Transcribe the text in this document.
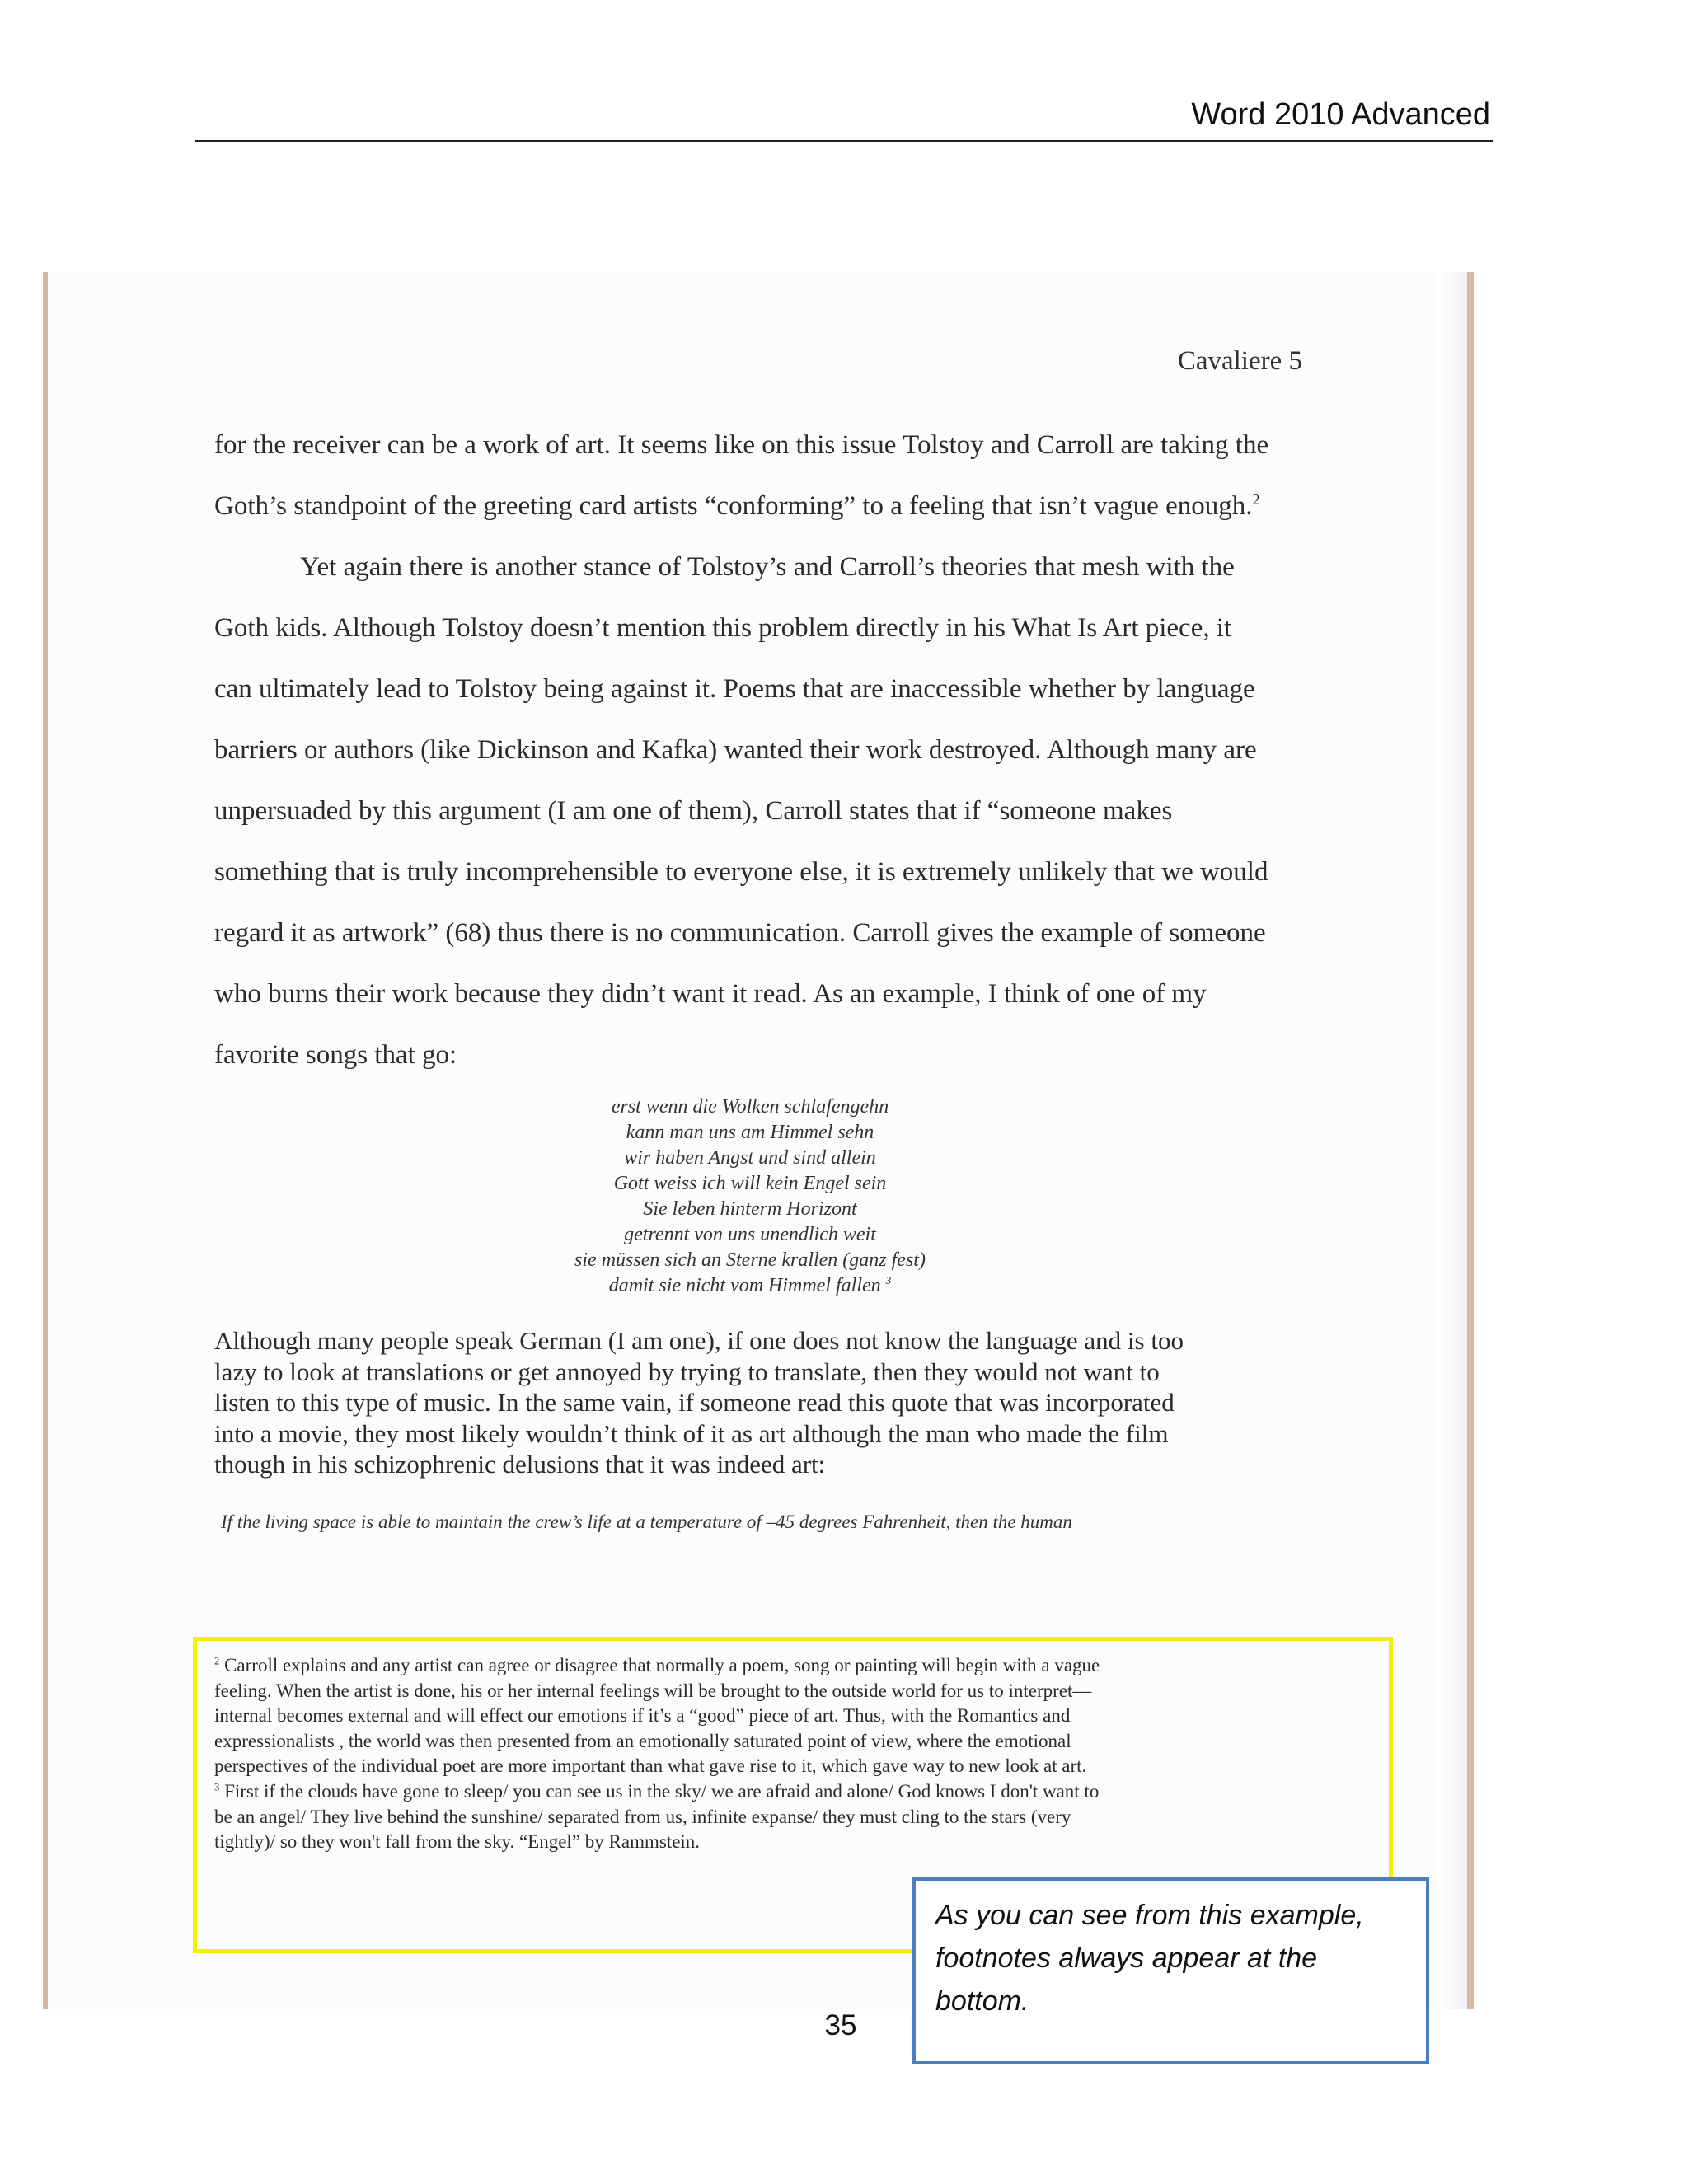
Word 2010 Advanced
Cavaliere 5
for the receiver can be a work of art. It seems like on this issue Tolstoy and Carroll are taking the
Goth’s standpoint of the greeting card artists “conforming” to a feeling that isn’t vague enough.$^2$
Yet again there is another stance of Tolstoy’s and Carroll’s theories that mesh with the
Goth kids. Although Tolstoy doesn’t mention this problem directly in his What Is Art piece, it
can ultimately lead to Tolstoy being against it. Poems that are inaccessible whether by language
barriers or authors (like Dickinson and Kafka) wanted their work destroyed. Although many are
unpersuaded by this argument (I am one of them), Carroll states that if “someone makes
something that is truly incomprehensible to everyone else, it is extremely unlikely that we would
regard it as artwork” (68) thus there is no communication. Carroll gives the example of someone
who burns their work because they didn’t want it read. As an example, I think of one of my
favorite songs that go:
erst wenn die Wolken schlafengehn
kann man uns am Himmel sehn
wir haben Angst und sind allein
Gott weiss ich will kein Engel sein
Sie leben hinterm Horizont
getrennt von uns unendlich weit
sie müssen sich an Sterne krallen (ganz fest)
damit sie nicht vom Himmel fallen $^3$
Although many people speak German (I am one), if one does not know the language and is too
lazy to look at translations or get annoyed by trying to translate, then they would not want to
listen to this type of music. In the same vain, if someone read this quote that was incorporated
into a movie, they most likely wouldn’t think of it as art although the man who made the film
though in his schizophrenic delusions that it was indeed art:
If the living space is able to maintain the crew’s life at a temperature of –45 degrees Fahrenheit, then the human
$^2$ Carroll explains and any artist can agree or disagree that normally a poem, song or painting will begin with a vague
feeling. When the artist is done, his or her internal feelings will be brought to the outside world for us to interpret—
internal becomes external and will effect our emotions if it’s a “good” piece of art. Thus, with the Romantics and
expressionalists , the world was then presented from an emotionally saturated point of view, where the emotional
perspectives of the individual poet are more important than what gave rise to it, which gave way to new look at art.
$^3$ First if the clouds have gone to sleep/ you can see us in the sky/ we are afraid and alone/ God knows I don't want to
be an angel/ They live behind the sunshine/ separated from us, infinite expanse/ they must cling to the stars (very
tightly)/ so they won't fall from the sky. “Engel” by Rammstein.
35
As you can see from this example,
footnotes always appear at the
bottom.
